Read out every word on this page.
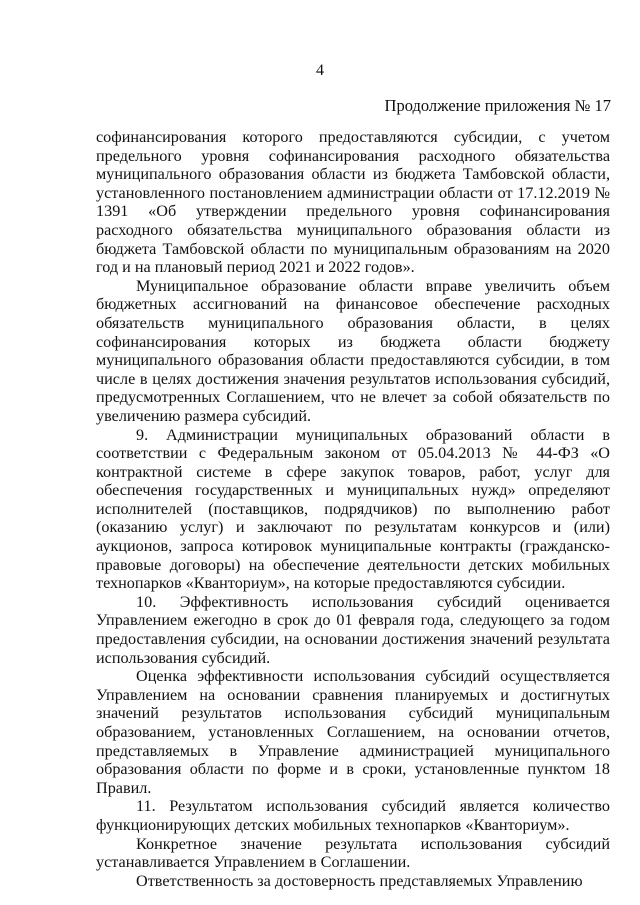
4
Продолжение приложения № 17

софинансирования которого предоставляются субсидии, с учетом предельного уровня софинансирования расходного обязательства муниципального образования области из бюджета Тамбовской области, установленного постановлением администрации области от 17.12.2019 № 1391 «Об утверждении предельного уровня софинансирования расходного обязательства муниципального образования области из бюджета Тамбовской области по муниципальным образованиям на 2020 год и на плановый период 2021 и 2022 годов».

Муниципальное образование области вправе увеличить объем бюджетных ассигнований на финансовое обеспечение расходных обязательств муниципального образования области, в целях софинансирования которых из бюджета области бюджету муниципального образования области предоставляются субсидии, в том числе в целях достижения значения результатов использования субсидий, предусмотренных Соглашением, что не влечет за собой обязательств по увеличению размера субсидий.

9. Администрации муниципальных образований области в соответствии с Федеральным законом от 05.04.2013 № 44-ФЗ «О контрактной системе в сфере закупок товаров, работ, услуг для обеспечения государственных и муниципальных нужд» определяют исполнителей (поставщиков, подрядчиков) по выполнению работ (оказанию услуг) и заключают по результатам конкурсов и (или) аукционов, запроса котировок муниципальные контракты (гражданско-правовые договоры) на обеспечение деятельности детских мобильных технопарков «Кванториум», на которые предоставляются субсидии.

10. Эффективность использования субсидий оценивается Управлением ежегодно в срок до 01 февраля года, следующего за годом предоставления субсидии, на основании достижения значений результата использования субсидий.

Оценка эффективности использования субсидий осуществляется Управлением на основании сравнения планируемых и достигнутых значений результатов использования субсидий муниципальным образованием, установленных Соглашением, на основании отчетов, представляемых в Управление администрацией муниципального образования области по форме и в сроки, установленные пунктом 18 Правил.

11. Результатом использования субсидий является количество функционирующих детских мобильных технопарков «Кванториум».

Конкретное значение результата использования субсидий устанавливается Управлением в Соглашении.

Ответственность за достоверность представляемых Управлению
